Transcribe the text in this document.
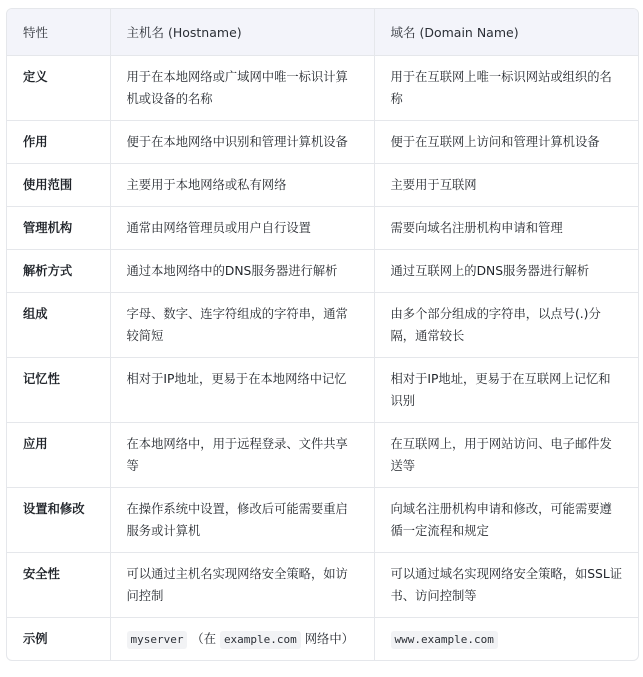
特性	主机名 (Hostname)	域名 (Domain Name)
定义	用于在本地网络或广域网中唯一标识计算机或设备的名称	用于在互联网上唯一标识网站或组织的名称
作用	便于在本地网络中识别和管理计算机设备	便于在互联网上访问和管理计算机设备
使用范围	主要用于本地网络或私有网络	主要用于互联网
管理机构	通常由网络管理员或用户自行设置	需要向域名注册机构申请和管理
解析方式	通过本地网络中的DNS服务器进行解析	通过互联网上的DNS服务器进行解析
组成	字母、数字、连字符组成的字符串，通常较简短	由多个部分组成的字符串，以点号(.)分隔，通常较长
记忆性	相对于IP地址，更易于在本地网络中记忆	相对于IP地址，更易于在互联网上记忆和识别
应用	在本地网络中，用于远程登录、文件共享等	在互联网上，用于网站访问、电子邮件发送等
设置和修改	在操作系统中设置，修改后可能需要重启服务或计算机	向域名注册机构申请和修改，可能需要遵循一定流程和规定
安全性	可以通过主机名实现网络安全策略，如访问控制	可以通过域名实现网络安全策略，如SSL证书、访问控制等
示例	myserver （在 example.com 网络中）	www.example.com
